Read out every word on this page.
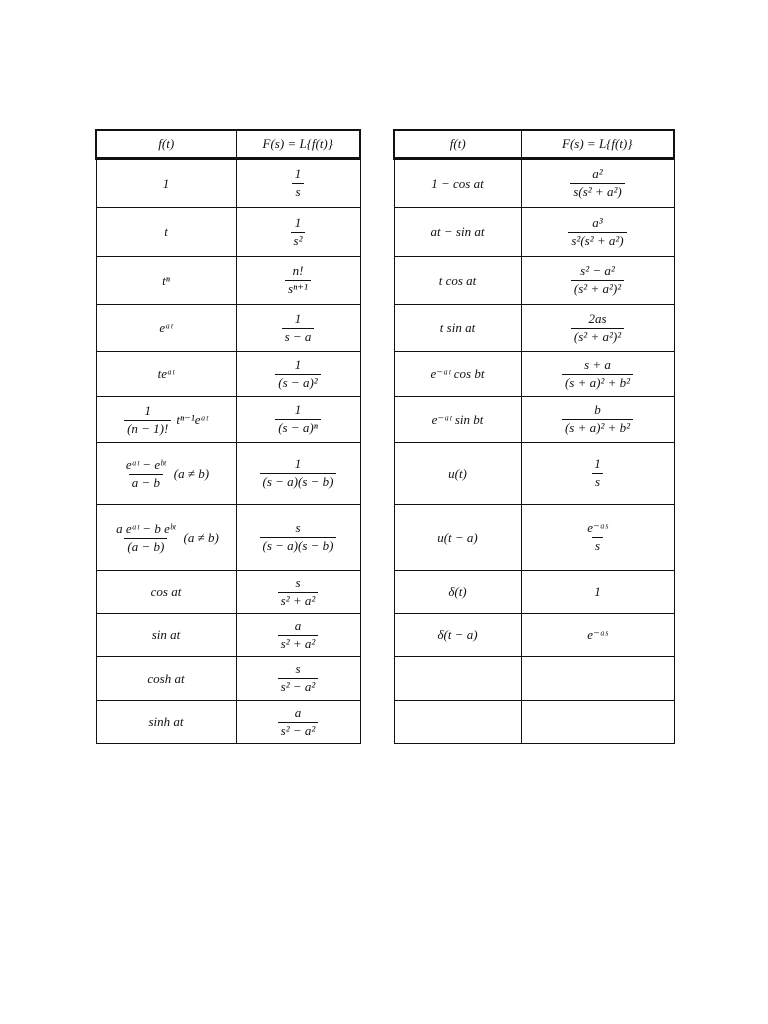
f(t)	F(s) = L{f(t)}
1	$\frac{1}{s}$

t	$\frac{1}{\text{s²}}$

tⁿ	$\frac{n!}{\text{sⁿ⁺¹}}$

eᵃᵗ	$\frac{1}{s - a}$

teᵃᵗ	$\frac{1}{\text{(s − a)²}}$

$\frac{1}{(n - 1)!}$ tⁿ⁻¹eᵃᵗ	$\frac{1}{\text{(s − a)ⁿ}}$

$\frac{\text{eᵃᵗ − eᵇᵗ}}{a - b} (a \ne b)$	$\frac{1}{(s - a)(s - b)}$

$\frac{\text{a eᵃᵗ − b eᵇᵗ}}{(a - b)} (a \ne b)$	$\frac{s}{(s - a)(s - b)}$

cos at	$\frac{s}{\text{s² + a²}}$

sin at	$\frac{a}{\text{s² + a²}}$

cosh at	$\frac{s}{\text{s² − a²}}$

sinh at	$\frac{a}{\text{s² − a²}}$
f(t)	F(s) = L{f(t)}
1 − cos at	$\frac{\text{a²}}{\text{s(s² + a²)}}$

at − sin at	$\frac{\text{a³}}{\text{s²(s² + a²)}}$

t cos at	$\frac{\text{s² − a²}}{\text{(s² + a²)²}}$

t sin at	$\frac{2as}{\text{(s² + a²)²}}$

e⁻ᵃᵗ cos bt	$\frac{s + a}{\text{(s + a)² + b²}}$

e⁻ᵃᵗ sin bt	$\frac{b}{\text{(s + a)² + b²}}$

u(t)	$\frac{1}{s}$

u(t − a)	$\frac{\text{e⁻ᵃˢ}}{s}$

δ(t)	1
δ(t − a)	e⁻ᵃˢ
